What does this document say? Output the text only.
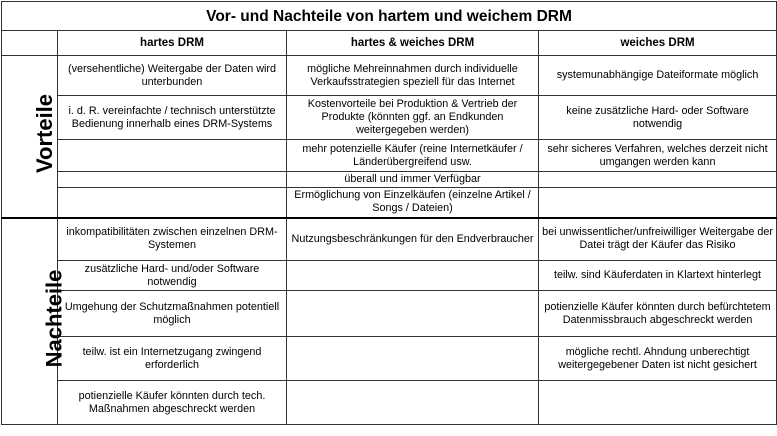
Vor- und Nachteile von hartem und weichem DRM			
	hartes DRM	hartes & weiches DRM	weiches DRM
Vorteile	(versehentliche) Weitergabe der Daten wird unterbunden	mögliche Mehreinnahmen durch individuelle Verkaufsstrategien speziell für das Internet	systemunabhängige Dateiformate möglich
	i. d. R. vereinfachte / technisch unterstützte Bedienung innerhalb eines DRM-Systems	Kostenvorteile bei Produktion & Vertrieb der Produkte (könnten ggf. an Endkunden weitergegeben werden)	keine zusätzliche Hard- oder Software notwendig
		mehr potenzielle Käufer (reine Internetkäufer / Länderübergreifend usw.	sehr sicheres Verfahren, welches derzeit nicht umgangen werden kann
		überall und immer Verfügbar	
		Ermöglichung von Einzelkäufen (einzelne Artikel / Songs / Dateien)	
Nachteile	inkompatibilitäten zwischen einzelnen DRM-Systemen	Nutzungsbeschränkungen für den Endverbraucher	bei unwissentlicher/unfreiwilliger Weitergabe der Datei trägt der Käufer das Risiko
	zusätzliche Hard- und/oder Software notwendig		teilw. sind Käuferdaten in Klartext hinterlegt
	Umgehung der Schutzmaßnahmen potentiell möglich		potienzielle Käufer könnten durch befürchtetem Datenmissbrauch abgeschreckt werden
	teilw. ist ein Internetzugang zwingend erforderlich		mögliche rechtl. Ahndung unberechtigt weitergegebener Daten ist nicht gesichert
	potienzielle Käufer könnten durch tech. Maßnahmen abgeschreckt werden		
